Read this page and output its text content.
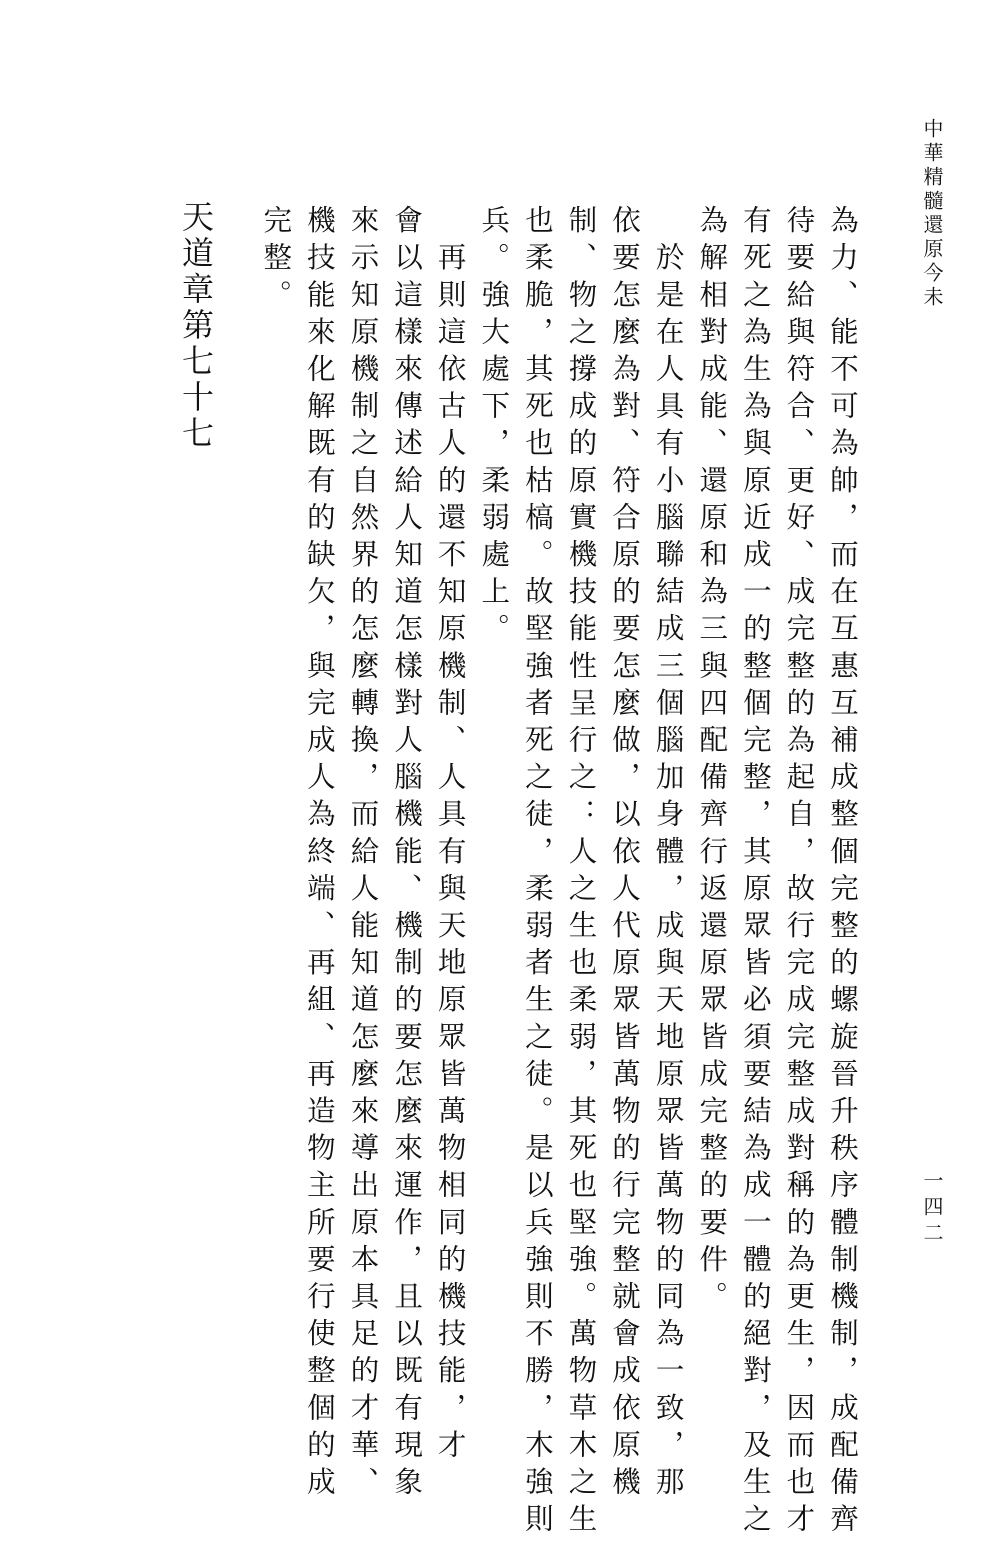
中華精髓還原今未
一四二

為力、能不可為帥，而在互惠互補成整個完整的螺旋晉升秩序體制機制，成配備齊

待要給與符合、更好、成完整的為起自，故行完成完整成對稱的為更生，因而也才

有死之為生為與原近成一的整個完整，其原眾皆必須要結為成一體的絕對，及生之

為解相對成能、還原和為三與四配備齊行返還原眾皆成完整的要件。

　於是在人具有小腦聯結成三個腦加身體，成與天地原眾皆萬物的同為一致，那

依要怎麼為對、符合原的要怎麼做，以依人代原眾皆萬物的行完整就會成依原機

制、物之撐成的原實機技能性呈行之：人之生也柔弱，其死也堅強。萬物草木之生

也柔脆，其死也枯槁。故堅強者死之徒，柔弱者生之徒。是以兵強則不勝，木強則

兵。強大處下，柔弱處上。

　再則這依古人的還不知原機制、人具有與天地原眾皆萬物相同的機技能，才

會以這樣來傳述給人知道怎樣對人腦機能、機制的要怎麼來運作，且以既有現象

來示知原機制之自然界的怎麼轉換，而給人能知道怎麼來導出原本具足的才華、

機技能來化解既有的缺欠，與完成人為終端、再組、再造物主所要行使整個的成

完整。

天道章第七十七
